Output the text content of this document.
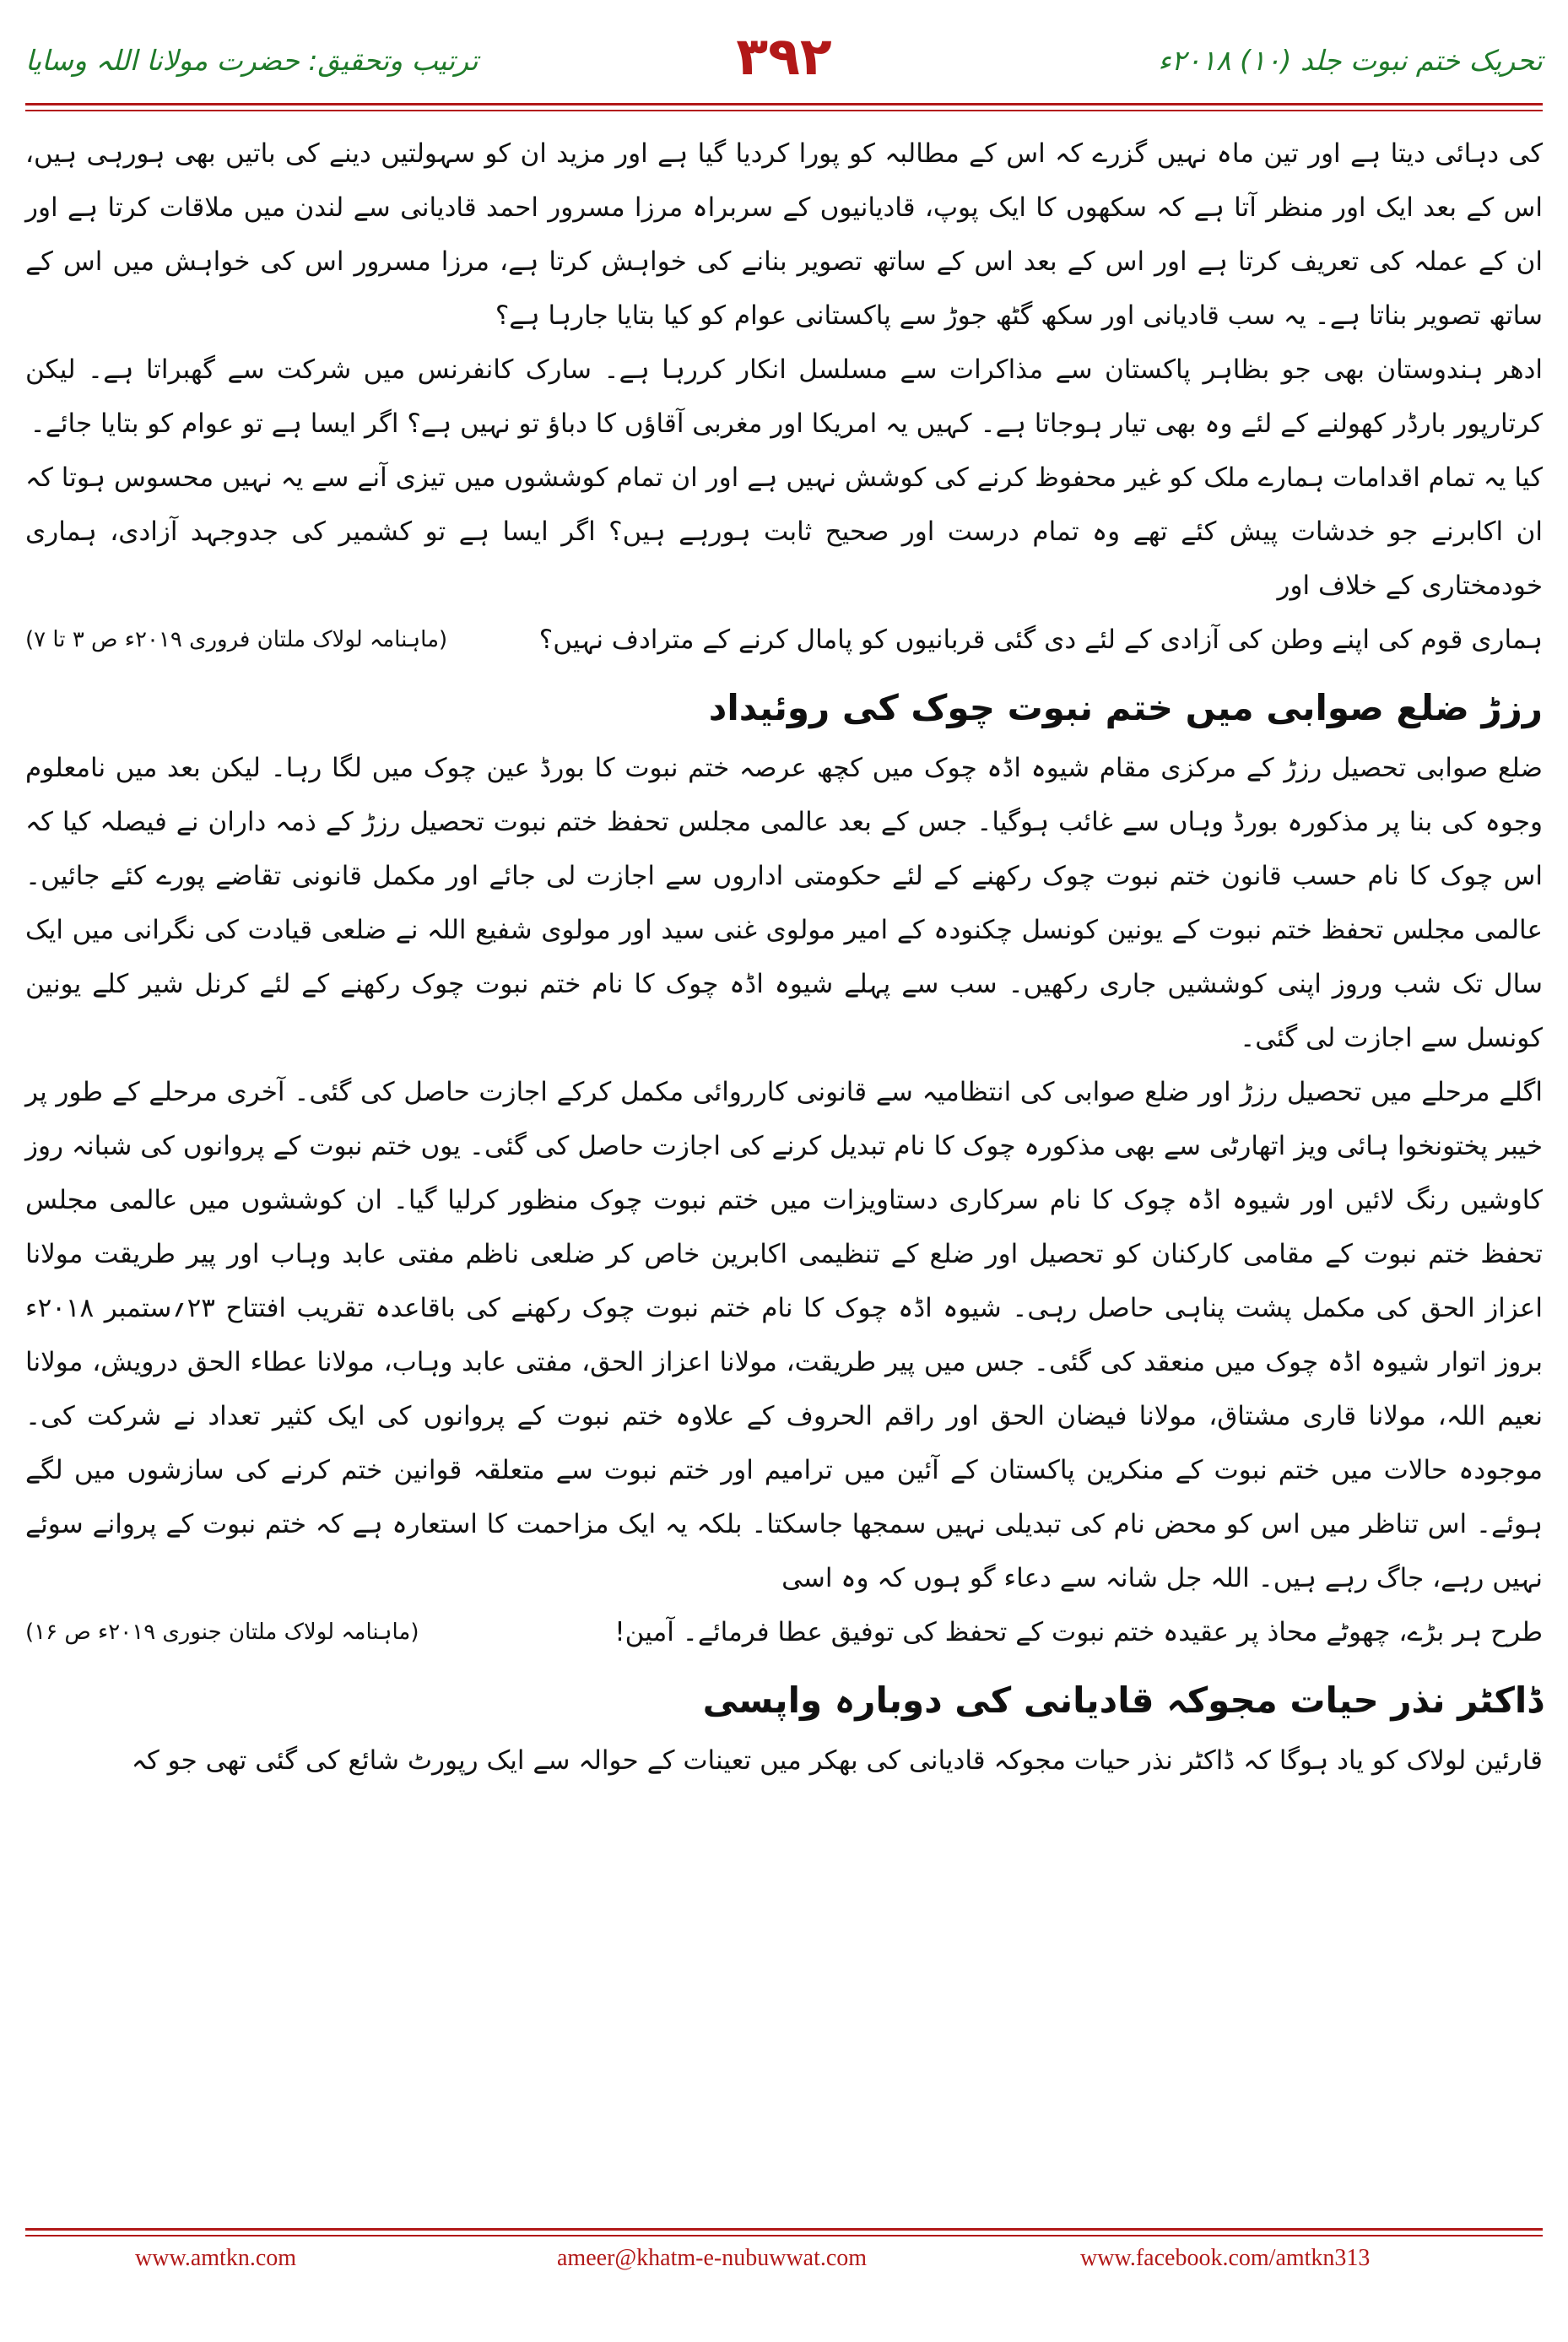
تحریک ختم نبوت جلد (۱۰) ۲۰۱۸ء
۳۹۲
ترتیب وتحقیق: حضرت مولانا اللہ وسایا

کی دہائی دیتا ہے اور تین ماہ نہیں گزرے کہ اس کے مطالبہ کو پورا کردیا گیا ہے اور مزید ان کو سہولتیں دینے کی باتیں بھی ہورہی ہیں، اس کے بعد ایک اور منظر آتا ہے کہ سکھوں کا ایک پوپ، قادیانیوں کے سربراہ مرزا مسرور احمد قادیانی سے لندن میں ملاقات کرتا ہے اور ان کے عملہ کی تعریف کرتا ہے اور اس کے بعد اس کے ساتھ تصویر بنانے کی خواہش کرتا ہے، مرزا مسرور اس کی خواہش میں اس کے ساتھ تصویر بناتا ہے۔ یہ سب قادیانی اور سکھ گٹھ جوڑ سے پاکستانی عوام کو کیا بتایا جارہا ہے؟

ادھر ہندوستان بھی جو بظاہر پاکستان سے مذاکرات سے مسلسل انکار کررہا ہے۔ سارک کانفرنس میں شرکت سے گھبراتا ہے۔ لیکن کرتارپور بارڈر کھولنے کے لئے وہ بھی تیار ہوجاتا ہے۔ کہیں یہ امریکا اور مغربی آقاؤں کا دباؤ تو نہیں ہے؟ اگر ایسا ہے تو عوام کو بتایا جائے۔

کیا یہ تمام اقدامات ہمارے ملک کو غیر محفوظ کرنے کی کوشش نہیں ہے اور ان تمام کوششوں میں تیزی آنے سے یہ نہیں محسوس ہوتا کہ ان اکابرنے جو خدشات پیش کئے تھے وہ تمام درست اور صحیح ثابت ہورہے ہیں؟ اگر ایسا ہے تو کشمیر کی جدوجہد آزادی، ہماری خودمختاری کے خلاف اور

ہماری قوم کی اپنے وطن کی آزادی کے لئے دی گئی قربانیوں کو پامال کرنے کے مترادف نہیں؟
(ماہنامہ لولاک ملتان فروری ۲۰۱۹ء ص ۳ تا ۷)
رزڑ ضلع صوابی میں ختم نبوت چوک کی روئیداد

ضلع صوابی تحصیل رزڑ کے مرکزی مقام شیوہ اڈہ چوک میں کچھ عرصہ ختم نبوت کا بورڈ عین چوک میں لگا رہا۔ لیکن بعد میں نامعلوم وجوہ کی بنا پر مذکورہ بورڈ وہاں سے غائب ہوگیا۔ جس کے بعد عالمی مجلس تحفظ ختم نبوت تحصیل رزڑ کے ذمہ داران نے فیصلہ کیا کہ اس چوک کا نام حسب قانون ختم نبوت چوک رکھنے کے لئے حکومتی اداروں سے اجازت لی جائے اور مکمل قانونی تقاضے پورے کئے جائیں۔ عالمی مجلس تحفظ ختم نبوت کے یونین کونسل چکنودہ کے امیر مولوی غنی سید اور مولوی شفیع اللہ نے ضلعی قیادت کی نگرانی میں ایک سال تک شب وروز اپنی کوششیں جاری رکھیں۔ سب سے پہلے شیوہ اڈہ چوک کا نام ختم نبوت چوک رکھنے کے لئے کرنل شیر کلے یونین کونسل سے اجازت لی گئی۔

اگلے مرحلے میں تحصیل رزڑ اور ضلع صوابی کی انتظامیہ سے قانونی کارروائی مکمل کرکے اجازت حاصل کی گئی۔ آخری مرحلے کے طور پر خیبر پختونخوا ہائی ویز اتھارٹی سے بھی مذکورہ چوک کا نام تبدیل کرنے کی اجازت حاصل کی گئی۔ یوں ختم نبوت کے پروانوں کی شبانہ روز کاوشیں رنگ لائیں اور شیوہ اڈہ چوک کا نام سرکاری دستاویزات میں ختم نبوت چوک منظور کرلیا گیا۔ ان کوششوں میں عالمی مجلس تحفظ ختم نبوت کے مقامی کارکنان کو تحصیل اور ضلع کے تنظیمی اکابرین خاص کر ضلعی ناظم مفتی عابد وہاب اور پیر طریقت مولانا اعزاز الحق کی مکمل پشت پناہی حاصل رہی۔ شیوہ اڈہ چوک کا نام ختم نبوت چوک رکھنے کی باقاعدہ تقریب افتتاح ۲۳؍ستمبر ۲۰۱۸ء بروز اتوار شیوہ اڈہ چوک میں منعقد کی گئی۔ جس میں پیر طریقت، مولانا اعزاز الحق، مفتی عابد وہاب، مولانا عطاء الحق درویش، مولانا نعیم اللہ، مولانا قاری مشتاق، مولانا فیضان الحق اور راقم الحروف کے علاوہ ختم نبوت کے پروانوں کی ایک کثیر تعداد نے شرکت کی۔ موجودہ حالات میں ختم نبوت کے منکرین پاکستان کے آئین میں ترامیم اور ختم نبوت سے متعلقہ قوانین ختم کرنے کی سازشوں میں لگے ہوئے۔ اس تناظر میں اس کو محض نام کی تبدیلی نہیں سمجھا جاسکتا۔ بلکہ یہ ایک مزاحمت کا استعارہ ہے کہ ختم نبوت کے پروانے سوئے نہیں رہے، جاگ رہے ہیں۔ اللہ جل شانہ سے دعاء گو ہوں کہ وہ اسی

طرح ہر بڑے، چھوٹے محاذ پر عقیدہ ختم نبوت کے تحفظ کی توفیق عطا فرمائے۔ آمین!
(ماہنامہ لولاک ملتان جنوری ۲۰۱۹ء ص ۱۶)
ڈاکٹر نذر حیات مجوکہ قادیانی کی دوبارہ واپسی

قارئین لولاک کو یاد ہوگا کہ ڈاکٹر نذر حیات مجوکہ قادیانی کی بھکر میں تعینات کے حوالہ سے ایک رپورٹ شائع کی گئی تھی جو کہ

www.amtkn.com	ameer@khatm-e-nubuwwat.com	www.facebook.com/amtkn313
